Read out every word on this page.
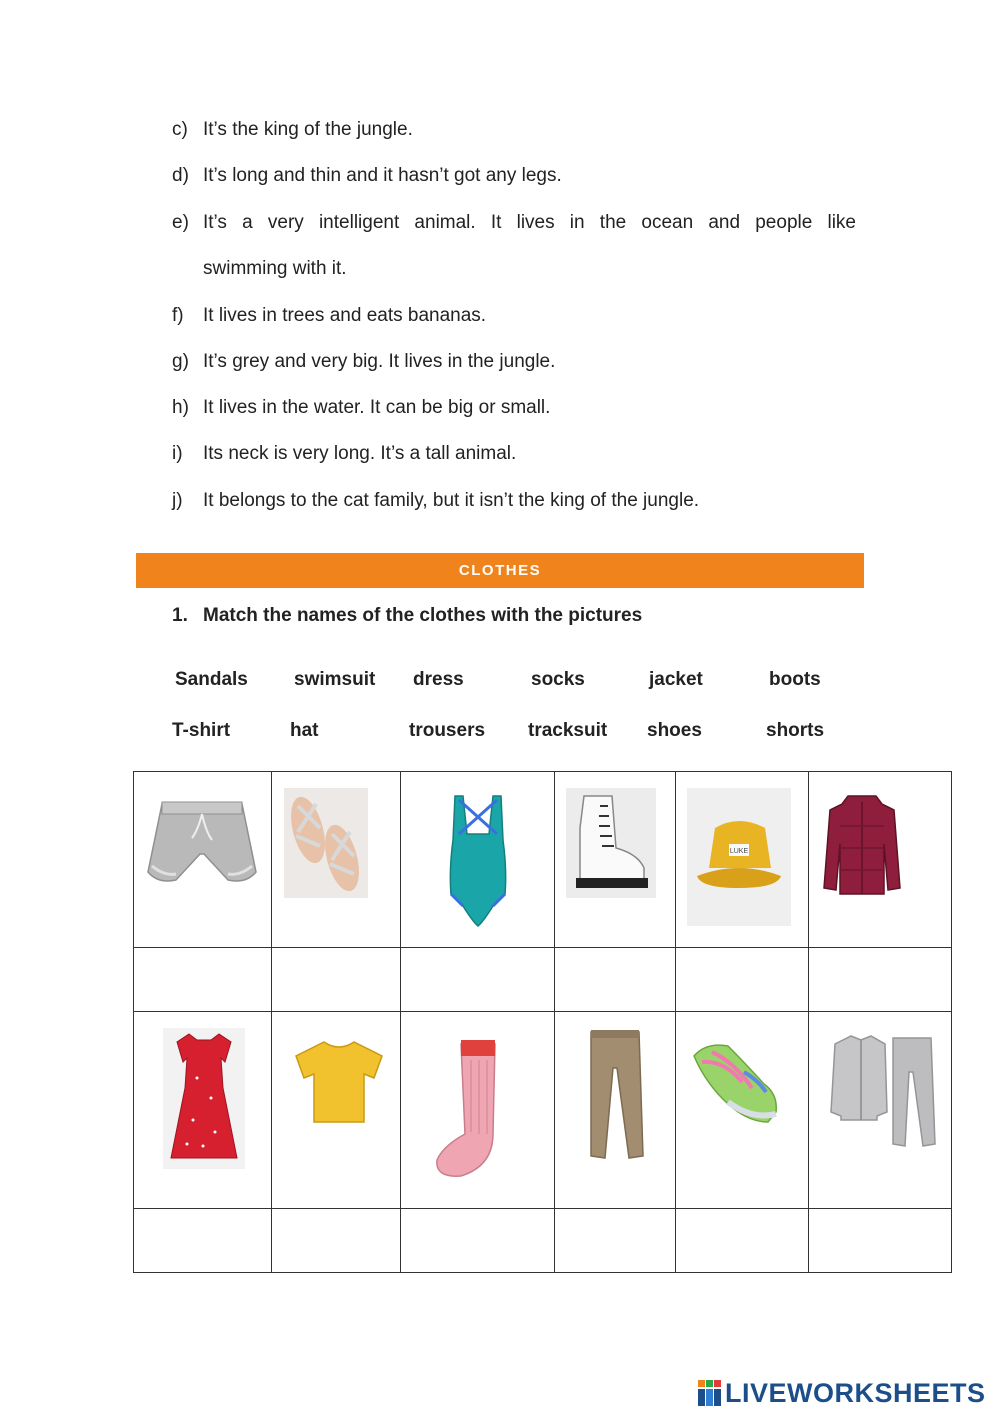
c) It’s the king of the jungle.
d) It’s long and thin and it hasn’t got any legs.
e) It’s a very intelligent animal. It lives in the ocean and people like
swimming with it.
f) It lives in trees and eats bananas.
g) It’s grey and very big. It lives in the jungle.
h) It lives in the water. It can be big or small.
i) Its neck is very long. It’s a tall animal.
j) It belongs to the cat family, but it isn’t the king of the jungle.
CLOTHES
1. Match the names of the clothes with the pictures
Sandals swimsuit dress	socks	jacket	boots
T-shirt	hat	trousers tracksuit shoes	shorts

LUKE

LIVEWORKSHEETS
